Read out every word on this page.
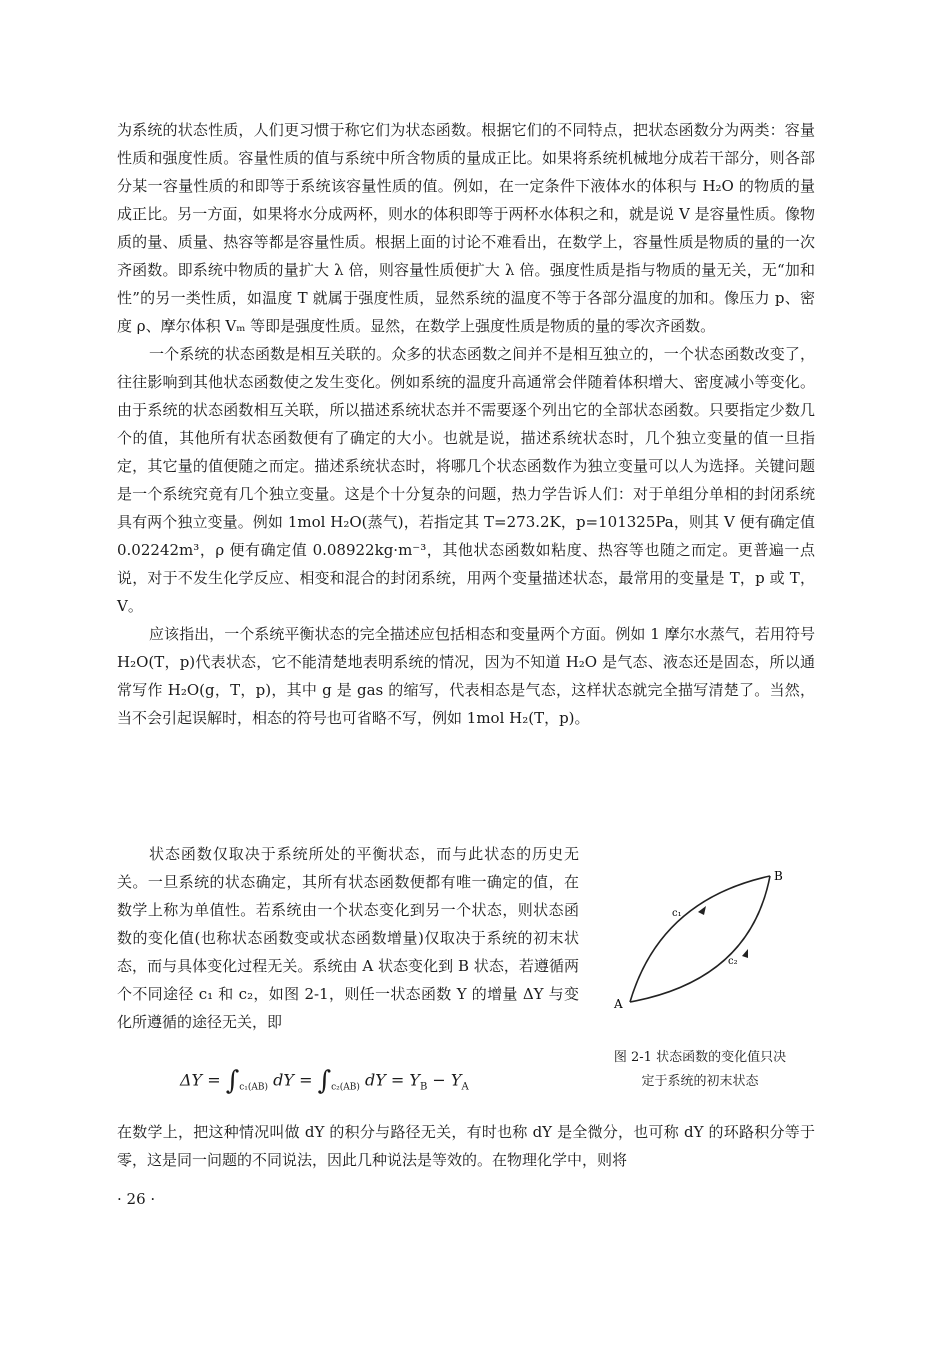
为系统的状态性质，人们更习惯于称它们为状态函数。根据它们的不同特点，把状态函数分为两类：容量性质和强度性质。容量性质的值与系统中所含物质的量成正比。如果将系统机械地分成若干部分，则各部分某一容量性质的和即等于系统该容量性质的值。例如，在一定条件下液体水的体积与 H₂O 的物质的量成正比。另一方面，如果将水分成两杯，则水的体积即等于两杯水体积之和，就是说 V 是容量性质。像物质的量、质量、热容等都是容量性质。根据上面的讨论不难看出，在数学上，容量性质是物质的量的一次齐函数。即系统中物质的量扩大 λ 倍，则容量性质便扩大 λ 倍。强度性质是指与物质的量无关，无“加和性”的另一类性质，如温度 T 就属于强度性质，显然系统的温度不等于各部分温度的加和。像压力 p、密度 ρ、摩尔体积 Vₘ 等即是强度性质。显然，在数学上强度性质是物质的量的零次齐函数。

一个系统的状态函数是相互关联的。众多的状态函数之间并不是相互独立的，一个状态函数改变了，往往影响到其他状态函数使之发生变化。例如系统的温度升高通常会伴随着体积增大、密度减小等变化。由于系统的状态函数相互关联，所以描述系统状态并不需要逐个列出它的全部状态函数。只要指定少数几个的值，其他所有状态函数便有了确定的大小。也就是说，描述系统状态时，几个独立变量的值一旦指定，其它量的值便随之而定。描述系统状态时，将哪几个状态函数作为独立变量可以人为选择。关键问题是一个系统究竟有几个独立变量。这是个十分复杂的问题，热力学告诉人们：对于单组分单相的封闭系统具有两个独立变量。例如 1mol H₂O(蒸气)，若指定其 T=273.2K，p=101325Pa，则其 V 便有确定值 0.02242m³，ρ 便有确定值 0.08922kg·m⁻³，其他状态函数如粘度、热容等也随之而定。更普遍一点说，对于不发生化学反应、相变和混合的封闭系统，用两个变量描述状态，最常用的变量是 T，p 或 T，V。

应该指出，一个系统平衡状态的完全描述应包括相态和变量两个方面。例如 1 摩尔水蒸气，若用符号 H₂O(T，p)代表状态，它不能清楚地表明系统的情况，因为不知道 H₂O 是气态、液态还是固态，所以通常写作 H₂O(g，T，p)，其中 g 是 gas 的缩写，代表相态是气态，这样状态就完全描写清楚了。当然，当不会引起误解时，相态的符号也可省略不写，例如 1mol H₂(T，p)。

状态函数仅取决于系统所处的平衡状态，而与此状态的历史无关。一旦系统的状态确定，其所有状态函数便都有唯一确定的值，在数学上称为单值性。若系统由一个状态变化到另一个状态，则状态函数的变化值(也称状态函数变或状态函数增量)仅取决于系统的初末状态，而与具体变化过程无关。系统由 A 状态变化到 B 状态，若遵循两个不同途径 c₁ 和 c₂，如图 2-1，则任一状态函数 Y 的增量 ΔY 与变化所遵循的途径无关，即

A
B
c₁
c₂
图 2-1 状态函数的变化值只决
定于系统的初末状态
$\Delta Y = \int_{c_1(AB)}$ dY = $\int_{c_2(AB)}$ dY = $Y_B - Y_A$

在数学上，把这种情况叫做 dY 的积分与路径无关，有时也称 dY 是全微分，也可称 dY 的环路积分等于零，这是同一问题的不同说法，因此几种说法是等效的。在物理化学中，则将

· 26 ·
